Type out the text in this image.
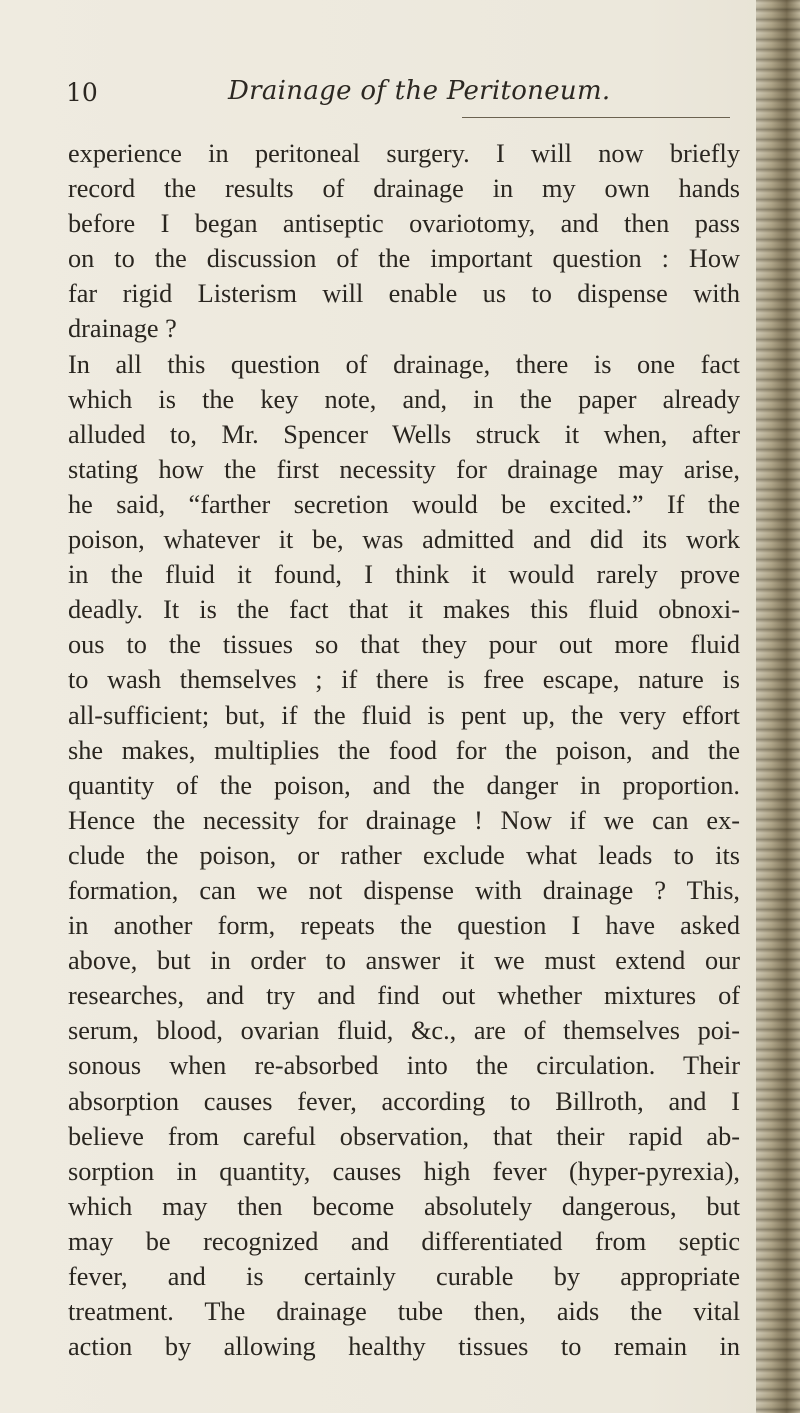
10	Drainage of the Peritoneum.
experience in peritoneal surgery. I will now briefly
record the results of drainage in my own hands
before I began antiseptic ovariotomy, and then pass
on to the discussion of the important question : How
far rigid Listerism will enable us to dispense with
drainage ?
In all this question of drainage, there is one fact
which is the key note, and, in the paper already
alluded to, Mr. Spencer Wells struck it when, after
stating how the first necessity for drainage may arise,
he said, “farther secretion would be excited.” If the
poison, whatever it be, was admitted and did its work
in the fluid it found, I think it would rarely prove
deadly. It is the fact that it makes this fluid obnoxi-
ous to the tissues so that they pour out more fluid
to wash themselves ; if there is free escape, nature is
all-sufficient; but, if the fluid is pent up, the very effort
she makes, multiplies the food for the poison, and the
quantity of the poison, and the danger in proportion.
Hence the necessity for drainage ! Now if we can ex-
clude the poison, or rather exclude what leads to its
formation, can we not dispense with drainage ? This,
in another form, repeats the question I have asked
above, but in order to answer it we must extend our
researches, and try and find out whether mixtures of
serum, blood, ovarian fluid, &c., are of themselves poi-
sonous when re-absorbed into the circulation. Their
absorption causes fever, according to Billroth, and I
believe from careful observation, that their rapid ab-
sorption in quantity, causes high fever (hyper-pyrexia),
which may then become absolutely dangerous, but
may be recognized and differentiated from septic
fever, and is certainly curable by appropriate
treatment. The drainage tube then, aids the vital
action by allowing healthy tissues to remain in
